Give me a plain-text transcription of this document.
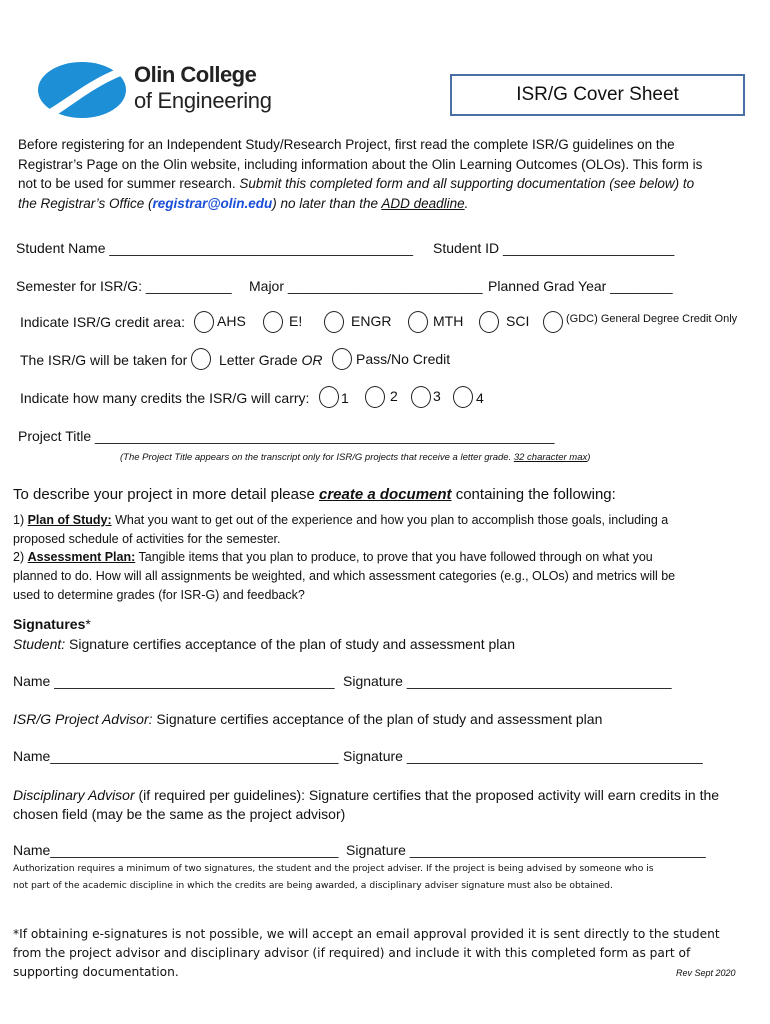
Olin College
of Engineering	ISR/G Cover Sheet
Before registering for an Independent Study/Research Project, first read the complete ISR/G guidelines on the
Registrar’s Page on the Olin website, including information about the Olin Learning Outcomes (OLOs). This form is
not to be used for summer research. Submit this completed form and all supporting documentation (see below) to
the Registrar’s Office (registrar@olin.edu) no later than the ADD deadline.
Student Name _______________________________________ Student ID ______________________
Semester for ISR/G: ___________ Major _________________________ Planned Grad Year ________
Indicate ISR/G credit area: AHS	E!	ENGR	MTH	SCI	(GDC) General Degree Credit Only
The ISR/G will be taken for Letter Grade OR Pass/No Credit
Indicate how many credits the ISR/G will carry: 1	2	3	4
Project Title ___________________________________________________________
(The Project Title appears on the transcript only for ISR/G projects that receive a letter grade. 32 character max)
To describe your project in more detail please create a document containing the following:
1) Plan of Study: What you want to get out of the experience and how you plan to accomplish those goals, including a
proposed schedule of activities for the semester.
2) Assessment Plan: Tangible items that you plan to produce, to prove that you have followed through on what you
planned to do. How will all assignments be weighted, and which assessment categories (e.g., OLOs) and metrics will be
used to determine grades (for ISR-G) and feedback?
Signatures*
Student: Signature certifies acceptance of the plan of study and assessment plan
Name ____________________________________ Signature __________________________________
ISR/G Project Advisor: Signature certifies acceptance of the plan of study and assessment plan
Name_____________________________________ Signature ______________________________________
Disciplinary Advisor (if required per guidelines): Signature certifies that the proposed activity will earn credits in the
chosen field (may be the same as the project advisor)
Name_____________________________________ Signature ______________________________________
Authorization requires a minimum of two signatures, the student and the project adviser. If the project is being advised by someone who is
not part of the academic discipline in which the credits are being awarded, a disciplinary adviser signature must also be obtained.
*If obtaining e-signatures is not possible, we will accept an email approval provided it is sent directly to the student
from the project advisor and disciplinary advisor (if required) and include it with this completed form as part of
supporting documentation.	Rev Sept 2020
